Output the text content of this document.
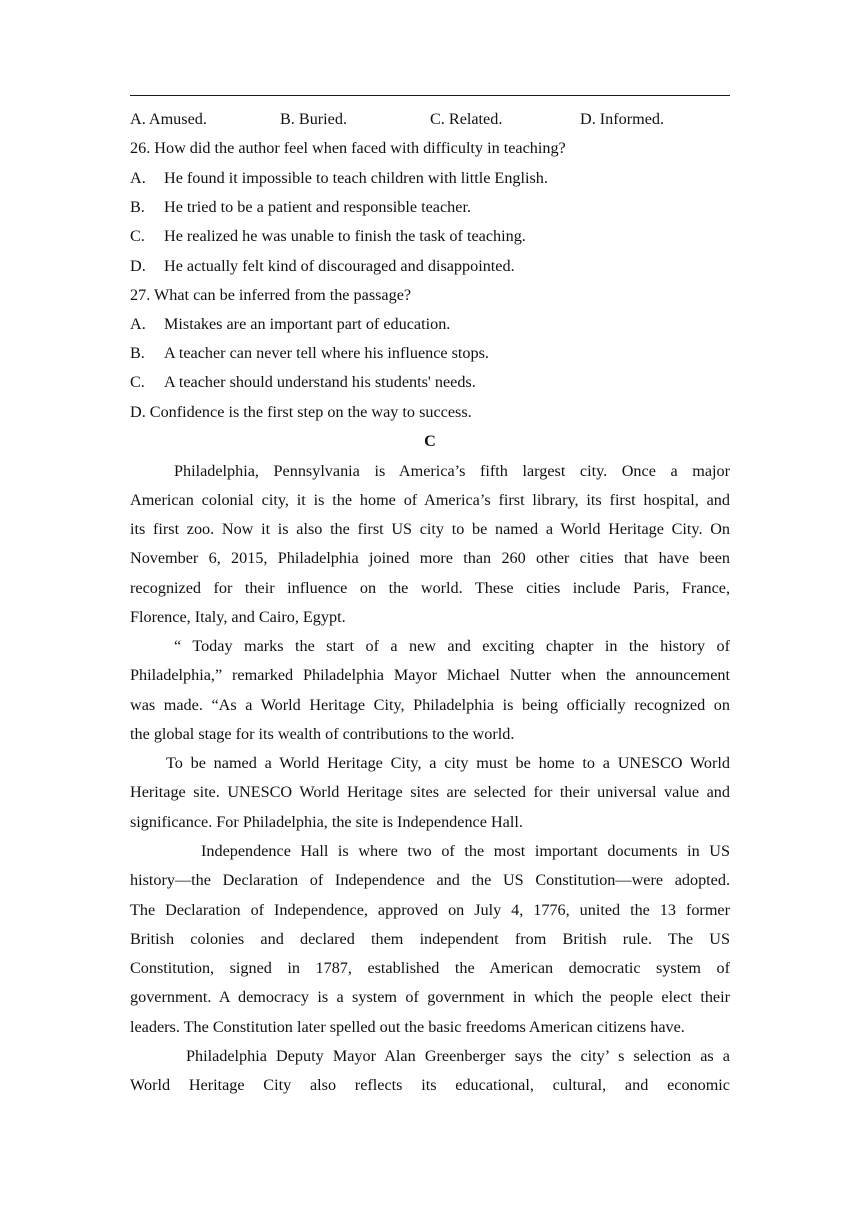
A. Amused.	B. Buried.	C. Related.	D. Informed.
26. How did the author feel when faced with difficulty in teaching?
A. He found it impossible to teach children with little English.
B. He tried to be a patient and responsible teacher.
C. He realized he was unable to finish the task of teaching.
D. He actually felt kind of discouraged and disappointed.
27. What can be inferred from the passage?
A. Mistakes are an important part of education.
B. A teacher can never tell where his influence stops.
C. A teacher should understand his students' needs.
D. Confidence is the first step on the way to success.
C
Philadelphia, Pennsylvania is America’s fifth largest city. Once a major
American colonial city, it is the home of America’s first library, its first hospital, and
its first zoo. Now it is also the first US city to be named a World Heritage City. On
November 6, 2015, Philadelphia joined more than 260 other cities that have been
recognized for their influence on the world. These cities include Paris, France,
Florence, Italy, and Cairo, Egypt.
“ Today marks the start of a new and exciting chapter in the history of
Philadelphia,” remarked Philadelphia Mayor Michael Nutter when the announcement
was made. “As a World Heritage City, Philadelphia is being officially recognized on
the global stage for its wealth of contributions to the world.
To be named a World Heritage City, a city must be home to a UNESCO World
Heritage site. UNESCO World Heritage sites are selected for their universal value and
significance. For Philadelphia, the site is Independence Hall.
Independence Hall is where two of the most important documents in US
history—the Declaration of Independence and the US Constitution—were adopted.
The Declaration of Independence, approved on July 4, 1776, united the 13 former
British colonies and declared them independent from British rule. The US
Constitution, signed in 1787, established the American democratic system of
government. A democracy is a system of government in which the people elect their
leaders. The Constitution later spelled out the basic freedoms American citizens have.
Philadelphia Deputy Mayor Alan Greenberger says the city’ s selection as a
World Heritage City also reflects its educational, cultural, and economic
